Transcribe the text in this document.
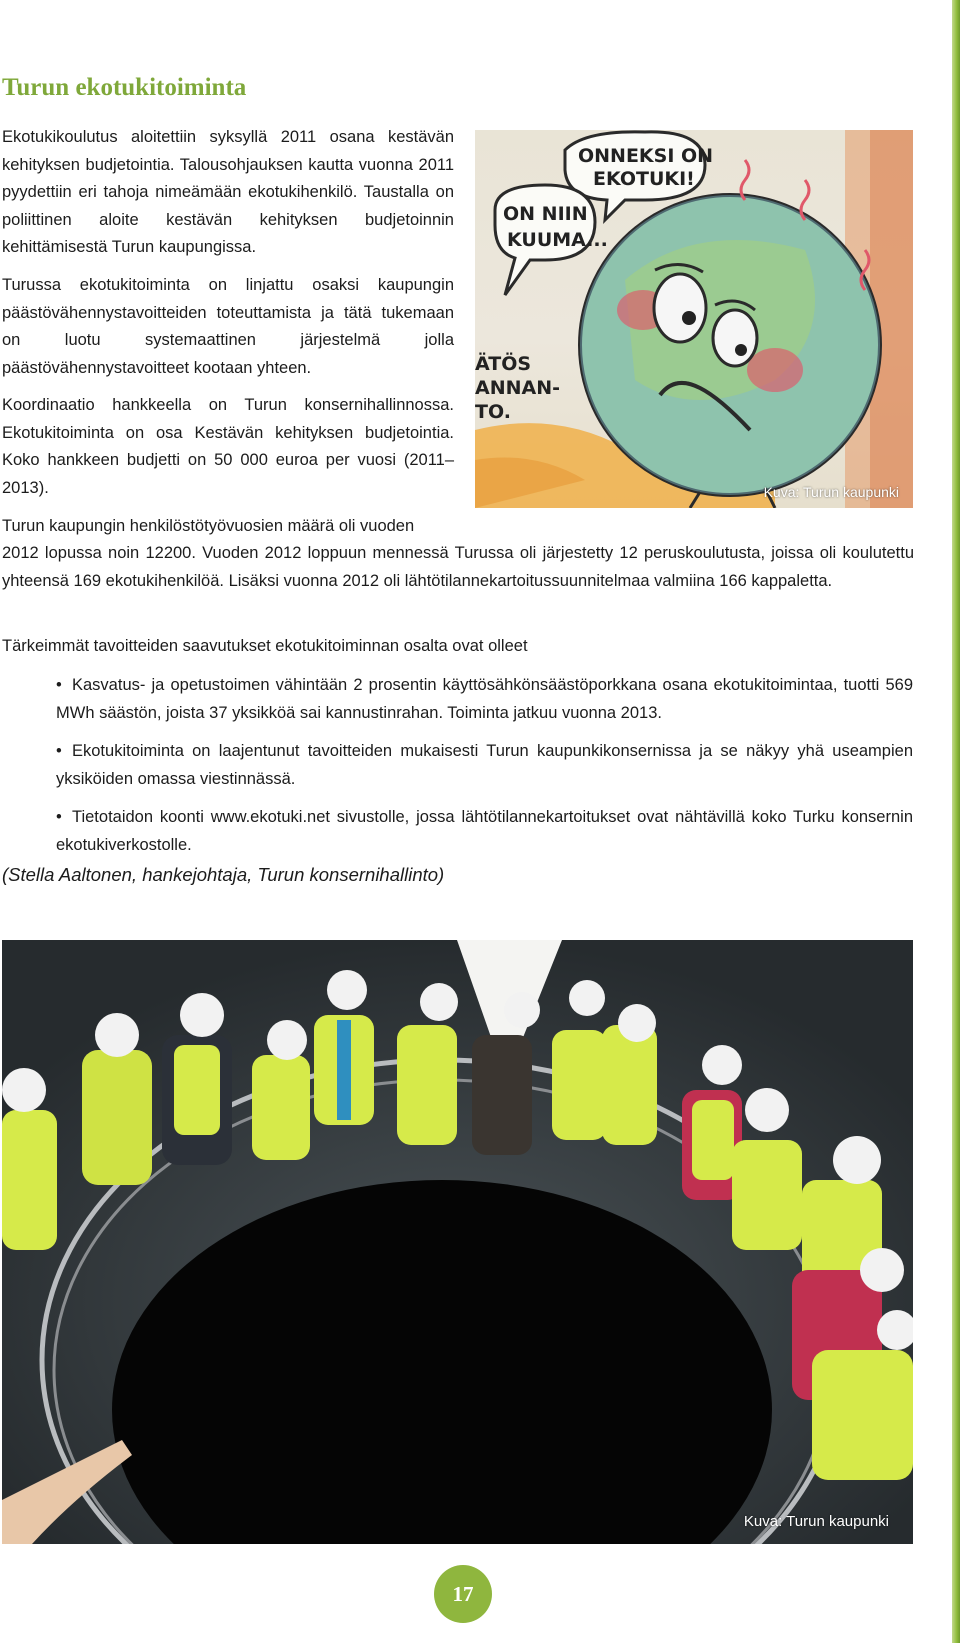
Turun ekotukitoiminta

Ekotukikoulutus aloitettiin syksyllä 2011 osana kestävän kehityksen budjetointia. Talousohjauksen kautta vuonna 2011 pyydettiin eri tahoja nimeämään ekotukihenkilö. Taustalla on poliittinen aloite kestävän kehityksen budjetoinnin kehittämisestä Turun kaupungissa.

Turussa ekotukitoiminta on linjattu osaksi kaupungin päästövähennystavoitteiden toteuttamista ja tätä tukemaan on luotu systemaattinen järjestelmä jolla päästövähennystavoitteet kootaan yhteen.

Koordinaatio hankkeella on Turun konsernihallinnossa. Ekotukitoiminta on osa Kestävän kehityksen budjetointia. Koko hankkeen budjetti on 50 000 euroa per vuosi (2011–2013).

Turun kaupungin henkilöstötyövuosien määrä oli vuoden

2012 lopussa noin 12200. Vuoden 2012 loppuun mennessä Turussa oli järjestetty 12 peruskoulutusta, joissa oli koulutettu yhteensä 169 ekotukihenkilöä. Lisäksi vuonna 2012 oli lähtötilannekartoitussuunnitelmaa valmiina 166 kappaletta.

Tärkeimmät tavoitteiden saavutukset ekotukitoiminnan osalta ovat olleet

• Kasvatus- ja opetustoimen vähintään 2 prosentin käyttösähkönsäästöporkkana osana ekotukitoimintaa, tuotti 569 MWh säästön, joista 37 yksikköä sai kannustinrahan. Toiminta jatkuu vuonna 2013.

• Ekotukitoiminta on laajentunut tavoitteiden mukaisesti Turun kaupunkikonsernissa ja se näkyy yhä useampien yksiköiden omassa viestinnässä.

• Tietotaidon koonti www.ekotuki.net sivustolle, jossa lähtötilannekartoitukset ovat nähtävillä koko Turku konsernin ekotukiverkostolle.

(Stella Aaltonen, hankejohtaja, Turun konsernihallinto)

ONNEKSI ON
EKOTUKI!
ON NIIN
KUUMA...
ÄTÖS
ANNAN-
TO.
Kuva: Turun kaupunki
Kuva: Turun kaupunki
17
